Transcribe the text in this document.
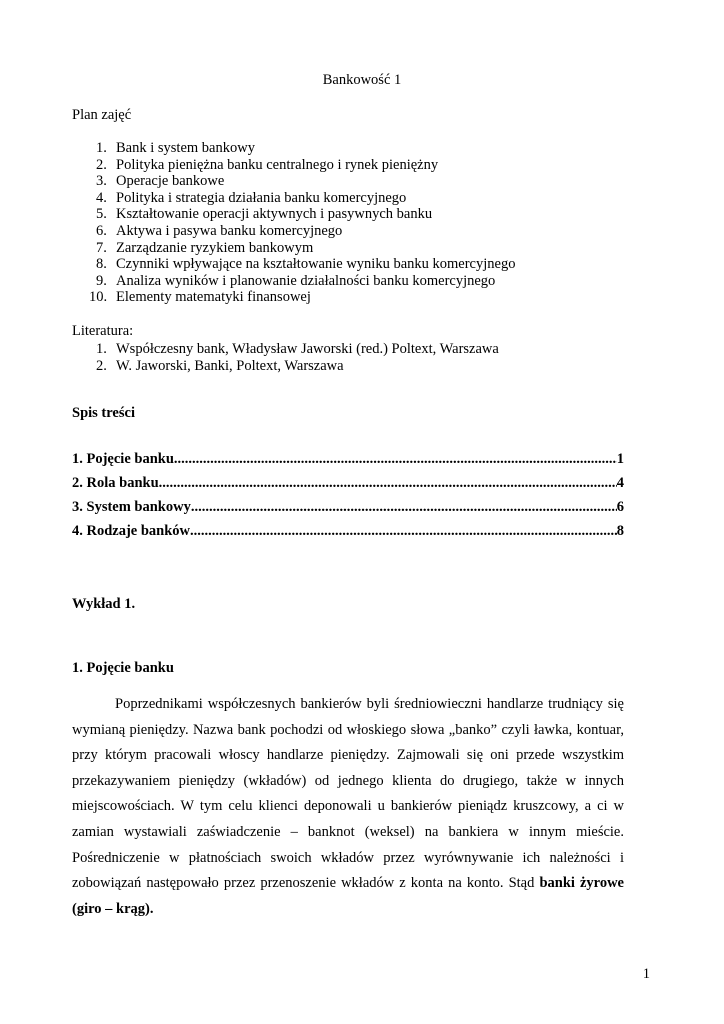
Bankowość 1
Plan zajęć
1. Bank i system bankowy
2. Polityka pieniężna banku centralnego i rynek pieniężny
3. Operacje bankowe
4. Polityka i strategia działania banku komercyjnego
5. Kształtowanie operacji aktywnych i pasywnych banku
6. Aktywa i pasywa banku komercyjnego
7. Zarządzanie ryzykiem bankowym
8. Czynniki wpływające na kształtowanie wyniku banku komercyjnego
9. Analiza wyników i planowanie działalności banku komercyjnego
10. Elementy matematyki finansowej
Literatura:
1. Współczesny bank, Władysław Jaworski (red.) Poltext, Warszawa
2. W. Jaworski, Banki, Poltext, Warszawa
Spis treści
1. Pojęcie banku .....	1
2. Rola banku .....	4
3. System bankowy .....	6
4. Rodzaje banków .....	8
Wykład 1.
1. Pojęcie banku

Poprzednikami współczesnych bankierów byli średniowieczni handlarze trudniący się wymianą pieniędzy. Nazwa bank pochodzi od włoskiego słowa „banko” czyli ławka, kontuar, przy którym pracowali włoscy handlarze pieniędzy. Zajmowali się oni przede wszystkim przekazywaniem pieniędzy (wkładów) od jednego klienta do drugiego, także w innych miejscowościach. W tym celu klienci deponowali u bankierów pieniądz kruszcowy, a ci w zamian wystawiali zaświadczenie – banknot (weksel) na bankiera w innym mieście. Pośredniczenie w płatnościach swoich wkładów przez wyrównywanie ich należności i zobowiązań następowało przez przenoszenie wkładów z konta na konto. Stąd banki żyrowe (giro – krąg).

1
